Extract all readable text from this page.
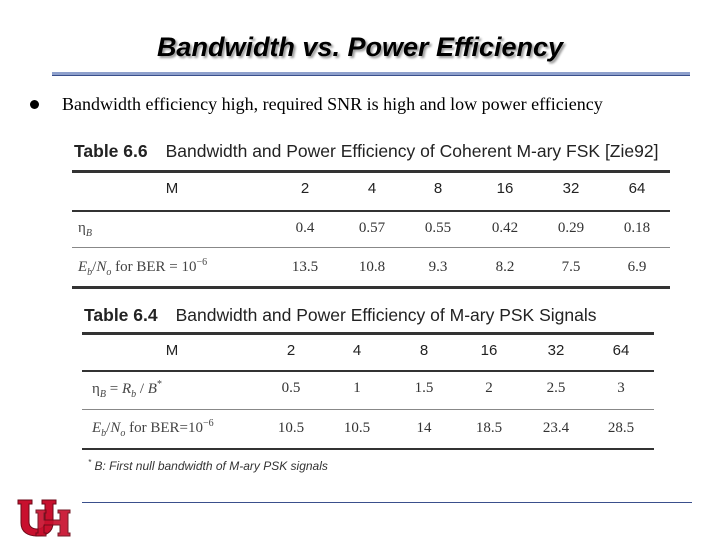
Bandwidth vs. Power Efficiency
Bandwidth efficiency high, required SNR is high and low power efficiency
Table 6.6 Bandwidth and Power Efficiency of Coherent M-ary FSK [Zie92]
M	2	4	8	16	32	64
$\eta_B$	0.4	0.57	0.55	0.42	0.29	0.18
$E_b/N_o$ for BER = $10^{-6}$	13.5	10.8	9.3	8.2	7.5	6.9
Table 6.4 Bandwidth and Power Efficiency of M-ary PSK Signals
M	2	4	8	16	32	64
$\eta_B = R_b / B^*$	0.5	1	1.5	2	2.5	3
$E_b/N_o$ for $BER=10^{-6}$	10.5	10.5	14	18.5	23.4	28.5
* B: First null bandwidth of M-ary PSK signals
